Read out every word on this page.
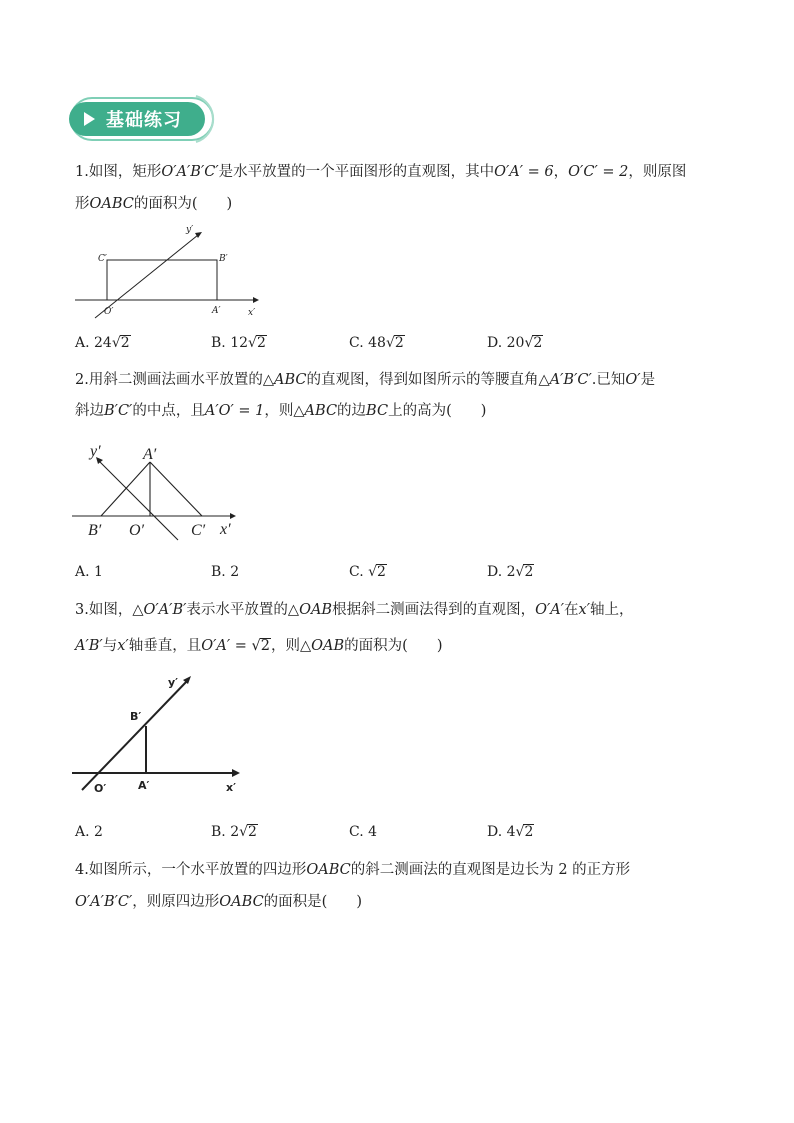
基础练习
1.如图，矩形O′A′B′C′是水平放置的一个平面图形的直观图，其中O′A′ = 6，O′C′ = 2，则原图
形OABC的面积为(　　)
y′
C′	B′
O′	A′	x′
A. 24√2	B. 12√2	C. 48√2	D. 20√2
2.用斜二测画法画水平放置的△ABC的直观图，得到如图所示的等腰直角△A′B′C′.已知O′是
斜边B′C′的中点，且A′O′ = 1，则△ABC的边BC上的高为(　　)
y′	A′
B′ O′	C′ x′
A. 1	B. 2	C. √2	D. 2√2
3.如图，△O′A′B′表示水平放置的△OAB根据斜二测画法得到的直观图，O′A′在x′轴上，
A′B′与x′轴垂直，且O′A′ = √2，则△OAB的面积为(　　)
y′
B′
O′	A′	x′
A. 2	B. 2√2	C. 4	D. 4√2
4.如图所示，一个水平放置的四边形OABC的斜二测画法的直观图是边长为 2 的正方形
O′A′B′C′，则原四边形OABC的面积是(　　)
